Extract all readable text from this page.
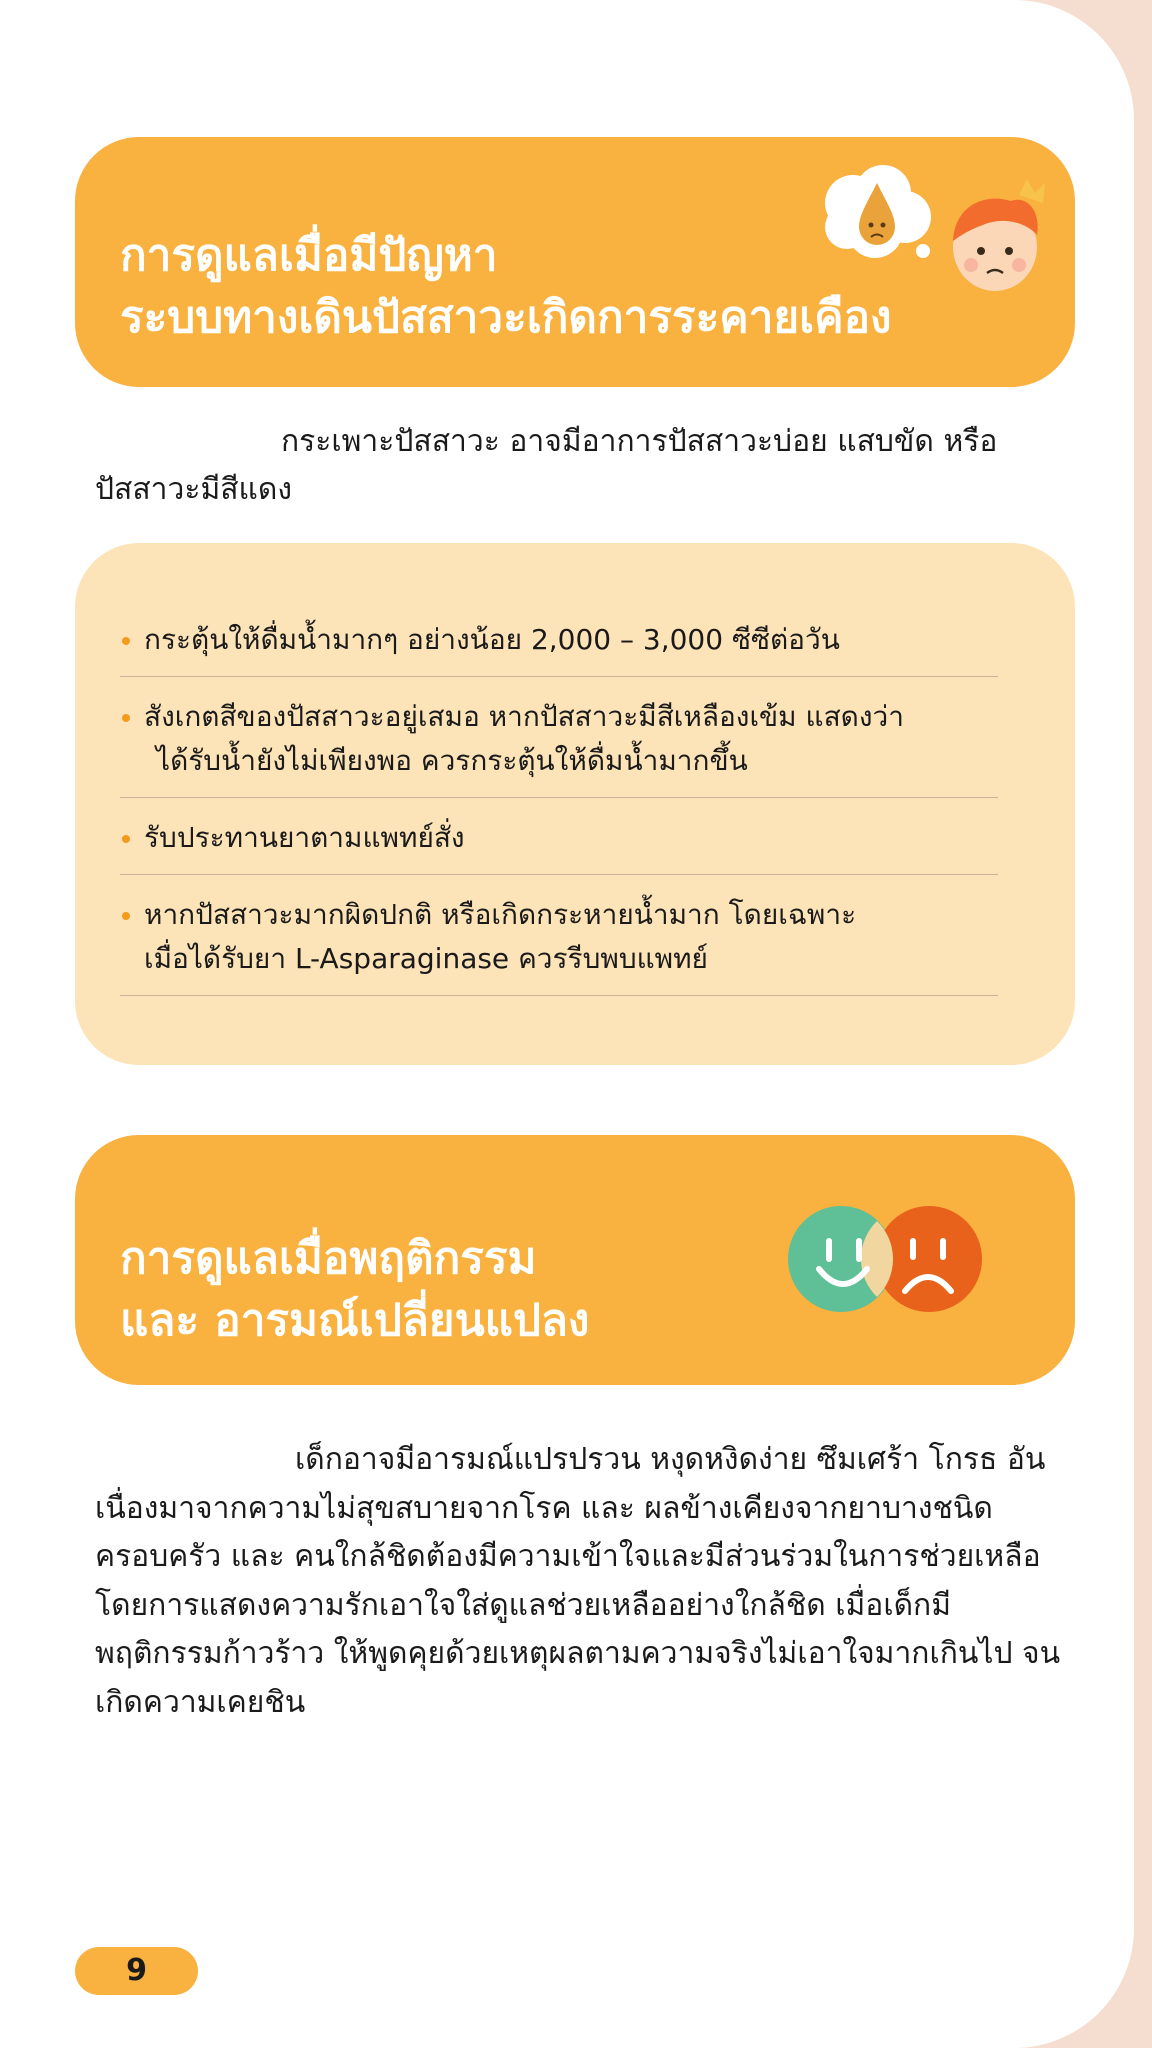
การดูแลเมื่อมีปัญหา
ระบบทางเดินปัสสาวะเกิดการระคายเคือง
กระเพาะปัสสาวะ อาจมีอาการปัสสาวะบ่อย แสบขัด หรือปัสสาวะมีสีแดง
กระตุ้นให้ดื่มน้ำมากๆ อย่างน้อย 2,000 – 3,000 ซีซีต่อวัน
สังเกตสีของปัสสาวะอยู่เสมอ หากปัสสาวะมีสีเหลืองเข้ม แสดงว่า
ได้รับน้ำยังไม่เพียงพอ ควรกระตุ้นให้ดื่มน้ำมากขึ้น
รับประทานยาตามแพทย์สั่ง
หากปัสสาวะมากผิดปกติ หรือเกิดกระหายน้ำมาก โดยเฉพาะ
เมื่อได้รับยา L-Asparaginase ควรรีบพบแพทย์
การดูแลเมื่อพฤติกรรม
และ อารมณ์เปลี่ยนแปลง
เด็กอาจมีอารมณ์แปรปรวน หงุดหงิดง่าย ซึมเศร้า โกรธ อันเนื่องมาจากความไม่สุขสบายจากโรค และ ผลข้างเคียงจากยาบางชนิด ครอบครัว และ คนใกล้ชิดต้องมีความเข้าใจและมีส่วนร่วมในการช่วยเหลือ โดยการแสดงความรักเอาใจใส่ดูแลช่วยเหลืออย่างใกล้ชิด เมื่อเด็กมีพฤติกรรมก้าวร้าว ให้พูดคุยด้วยเหตุผลตามความจริงไม่เอาใจมากเกินไป จนเกิดความเคยชิน
9
